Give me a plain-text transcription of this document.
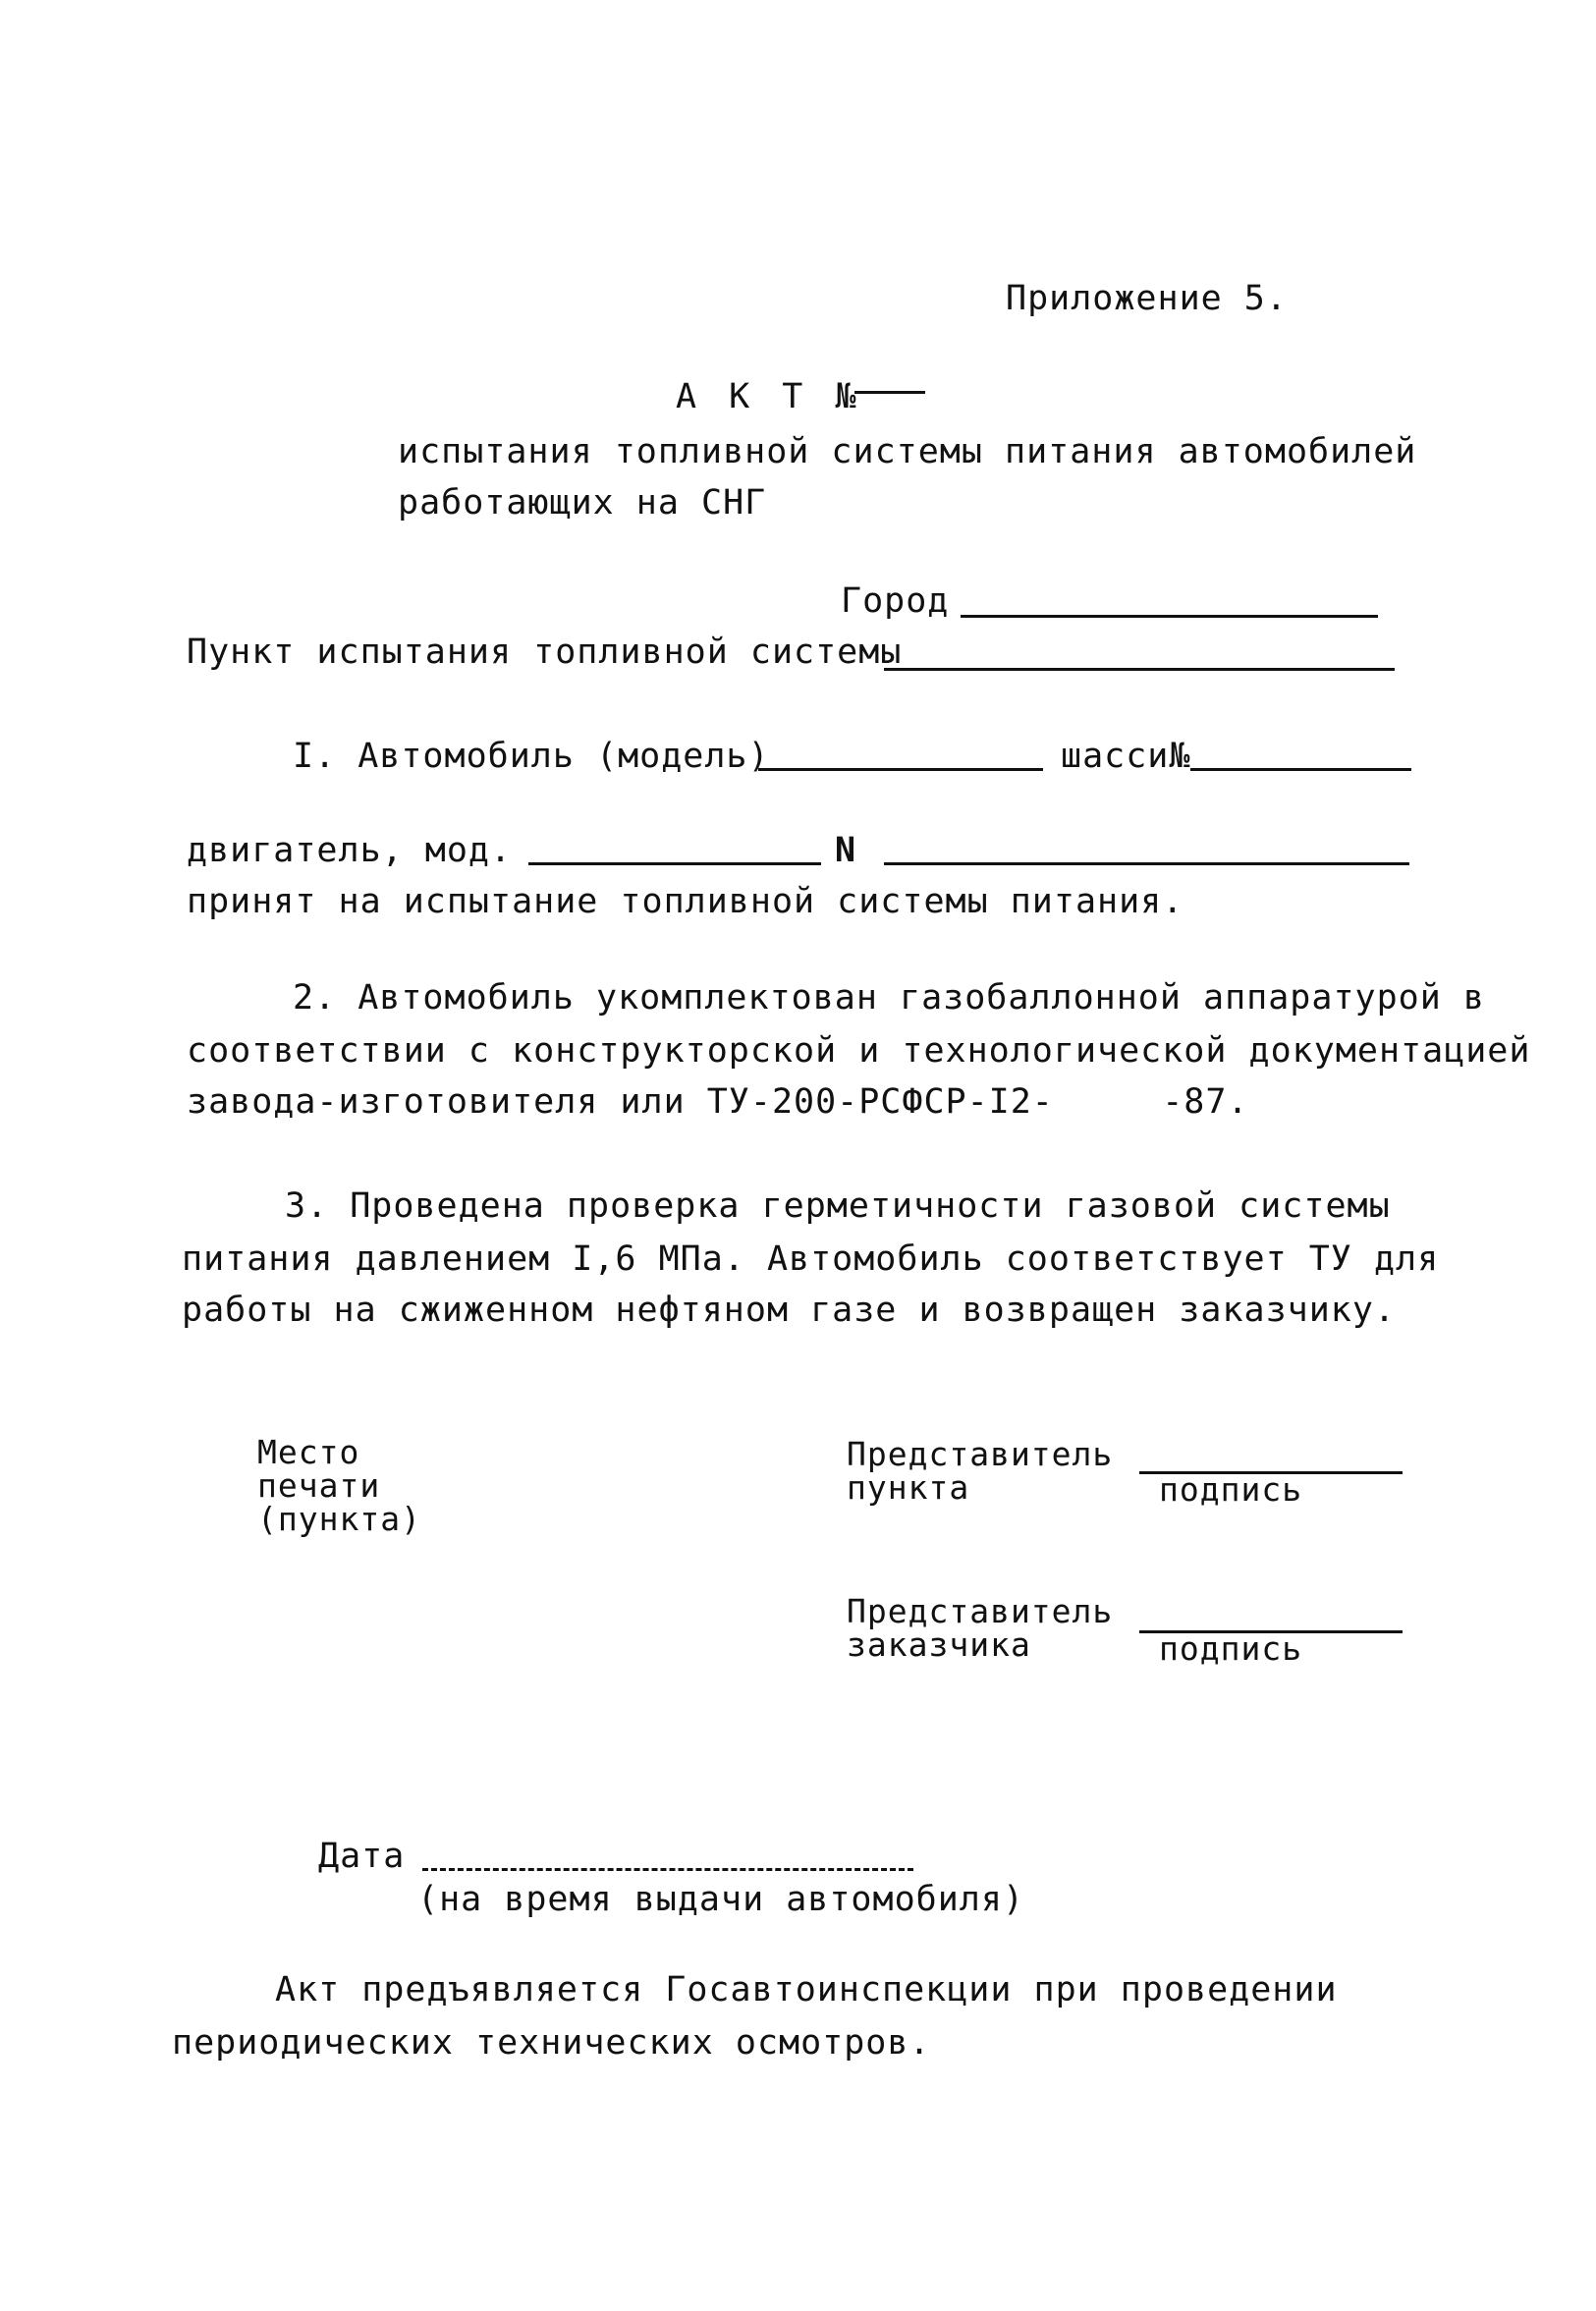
Приложение 5.
А К Т №
испытания топливной системы питания автомобилей
работающих на СНГ
Город
Пункт испытания топливной системы
I. Автомобиль (модель)	шасси№
двигатель, мод.	N
принят на испытание топливной системы питания.
2. Автомобиль укомплектован газобаллонной аппаратурой в
соответствии с конструкторской и технологической документацией
завода-изготовителя или ТУ-200-РСФСР-I2-     -87.
3. Проведена проверка герметичности газовой системы
питания давлением I,6 МПа. Автомобиль соответствует ТУ для
работы на сжиженном нефтяном газе и возвращен заказчику.
Место
печати
(пункта)
Представитель
пункта	подпись
Представитель
заказчика	подпись
Дата
(на время выдачи автомобиля)
Акт предъявляется Госавтоинспекции при проведении
периодических технических осмотров.
